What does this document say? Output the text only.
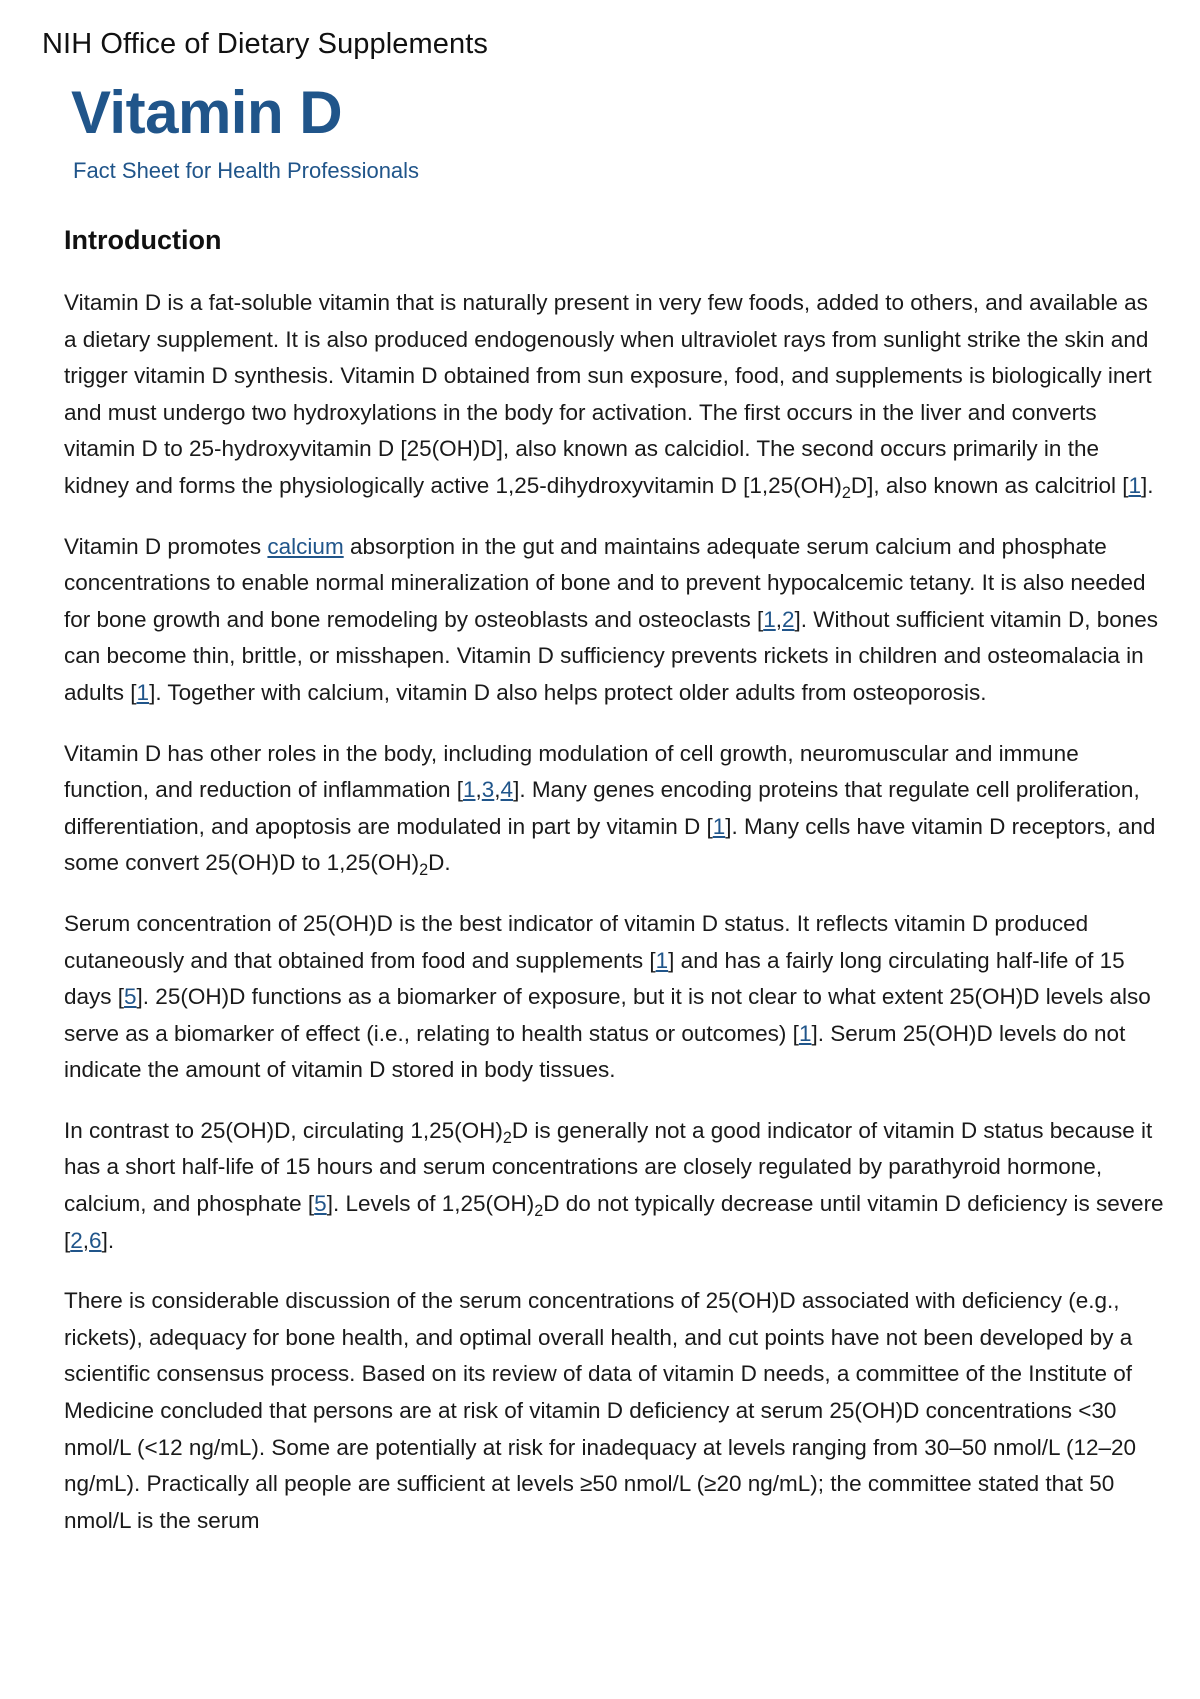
NIH Office of Dietary Supplements
Vitamin D
Fact Sheet for Health Professionals
Introduction

Vitamin D is a fat-soluble vitamin that is naturally present in very few foods, added to others, and available as a dietary supplement. It is also produced endogenously when ultraviolet rays from sunlight strike the skin and trigger vitamin D synthesis. Vitamin D obtained from sun exposure, food, and supplements is biologically inert and must undergo two hydroxylations in the body for activation. The first occurs in the liver and converts vitamin D to 25-hydroxyvitamin D [25(OH)D], also known as calcidiol. The second occurs primarily in the kidney and forms the physiologically active 1,25-dihydroxyvitamin D $[1,25(OH)_2D]$, also known as calcitriol [1].

Vitamin D promotes calcium absorption in the gut and maintains adequate serum calcium and phosphate concentrations to enable normal mineralization of bone and to prevent hypocalcemic tetany. It is also needed for bone growth and bone remodeling by osteoblasts and osteoclasts [1,2]. Without sufficient vitamin D, bones can become thin, brittle, or misshapen. Vitamin D sufficiency prevents rickets in children and osteomalacia in adults [1]. Together with calcium, vitamin D also helps protect older adults from osteoporosis.

Vitamin D has other roles in the body, including modulation of cell growth, neuromuscular and immune function, and reduction of inflammation [1,3,4]. Many genes encoding proteins that regulate cell proliferation, differentiation, and apoptosis are modulated in part by vitamin D [1]. Many cells have vitamin D receptors, and some convert 25(OH)D to $1,25(OH)_2D$.

Serum concentration of 25(OH)D is the best indicator of vitamin D status. It reflects vitamin D produced cutaneously and that obtained from food and supplements [1] and has a fairly long circulating half-life of 15 days [5]. 25(OH)D functions as a biomarker of exposure, but it is not clear to what extent 25(OH)D levels also serve as a biomarker of effect (i.e., relating to health status or outcomes) [1]. Serum 25(OH)D levels do not indicate the amount of vitamin D stored in body tissues.

In contrast to 25(OH)D, circulating $1,25(OH)_2D$ is generally not a good indicator of vitamin D status because it has a short half-life of 15 hours and serum concentrations are closely regulated by parathyroid hormone, calcium, and phosphate [5]. Levels of $1,25(OH)_2D$ do not typically decrease until vitamin D deficiency is severe [2,6].

There is considerable discussion of the serum concentrations of 25(OH)D associated with deficiency (e.g., rickets), adequacy for bone health, and optimal overall health, and cut points have not been developed by a scientific consensus process. Based on its review of data of vitamin D needs, a committee of the Institute of Medicine concluded that persons are at risk of vitamin D deficiency at serum 25(OH)D concentrations <30 nmol/L (<12 ng/mL). Some are potentially at risk for inadequacy at levels ranging from 30–50 nmol/L (12–20 ng/mL). Practically all people are sufficient at levels ≥50 nmol/L (≥20 ng/mL); the committee stated that 50 nmol/L is the serum
